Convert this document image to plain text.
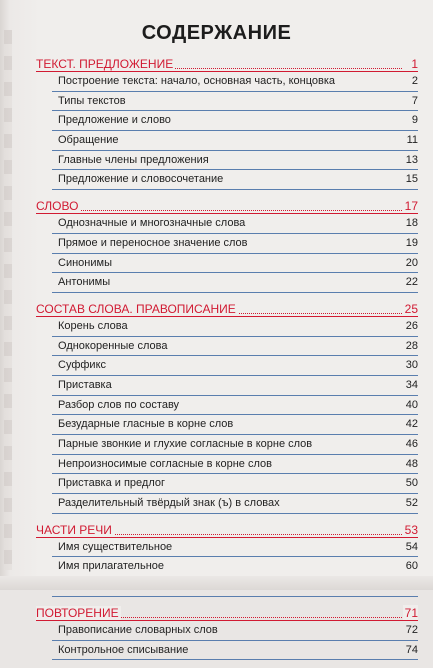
СОДЕРЖАНИЕ
ТЕКСТ. ПРЕДЛОЖЕНИЕ	1
Построение текста: начало, основная часть, концовка	2
Типы текстов	7
Предложение и слово	9
Обращение	11
Главные члены предложения	13
Предложение и словосочетание	15
СЛОВО	17
Однозначные и многозначные слова	18
Прямое и переносное значение слов	19
Синонимы	20
Антонимы	22
СОСТАВ СЛОВА. ПРАВОПИСАНИЕ	25
Корень слова	26
Однокоренные слова	28
Суффикс	30
Приставка	34
Разбор слов по составу	40
Безударные гласные в корне слов	42
Парные звонкие и глухие согласные в корне слов	46
Непроизносимые согласные в корне слов	48
Приставка и предлог	50
Разделительный твёрдый знак (ъ) в словах	52
ЧАСТИ РЕЧИ	53
Имя существительное	54
Имя прилагательное	60
ПОВТОРЕНИЕ	71
Правописание словарных слов	72
Контрольное списывание	74
